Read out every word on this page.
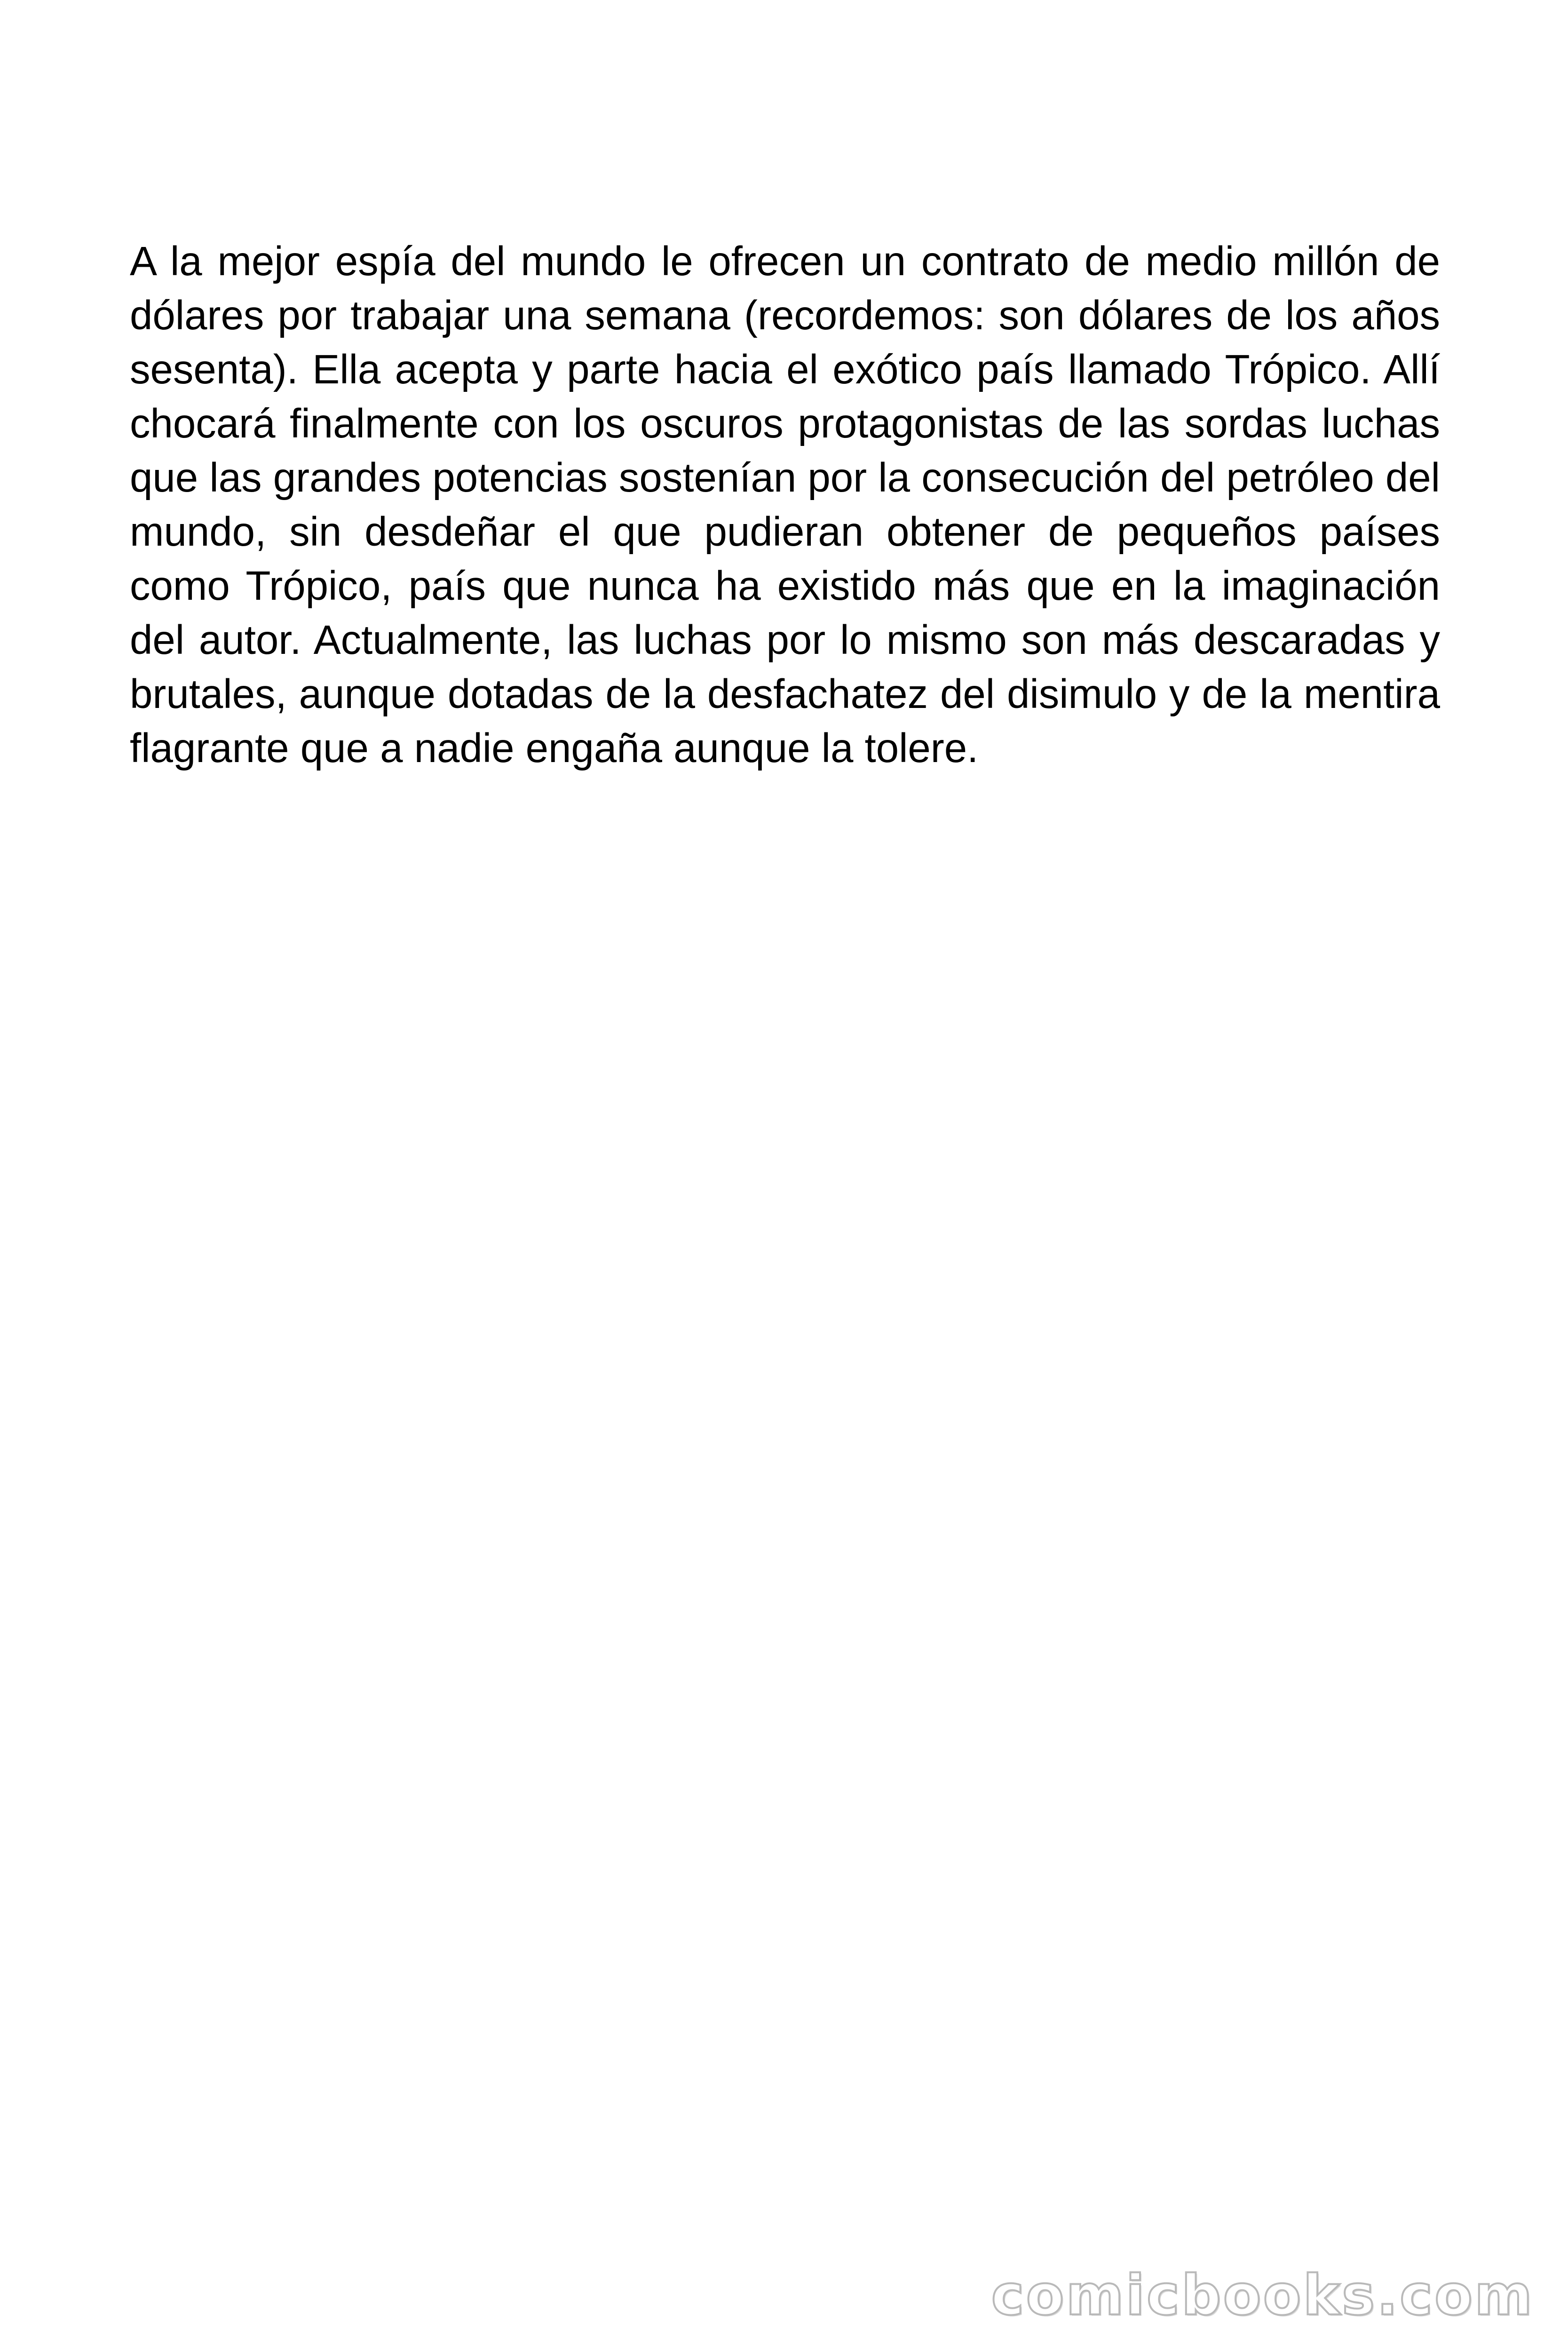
A la mejor espía del mundo le ofrecen un contrato de medio millón de dólares por trabajar una semana (recordemos: son dólares de los años sesenta). Ella acepta y parte hacia el exótico país llamado Trópico. Allí chocará finalmente con los oscuros protagonistas de las sordas luchas que las grandes potencias sostenían por la consecución del petróleo del mundo, sin desdeñar el que pudieran obtener de pequeños países como Trópico, país que nunca ha existido más que en la imaginación del autor. Actualmente, las luchas por lo mismo son más descaradas y brutales, aunque dotadas de la desfachatez del disimulo y de la mentira flagrante que a nadie engaña aunque la tolere.

comicbooks.com
